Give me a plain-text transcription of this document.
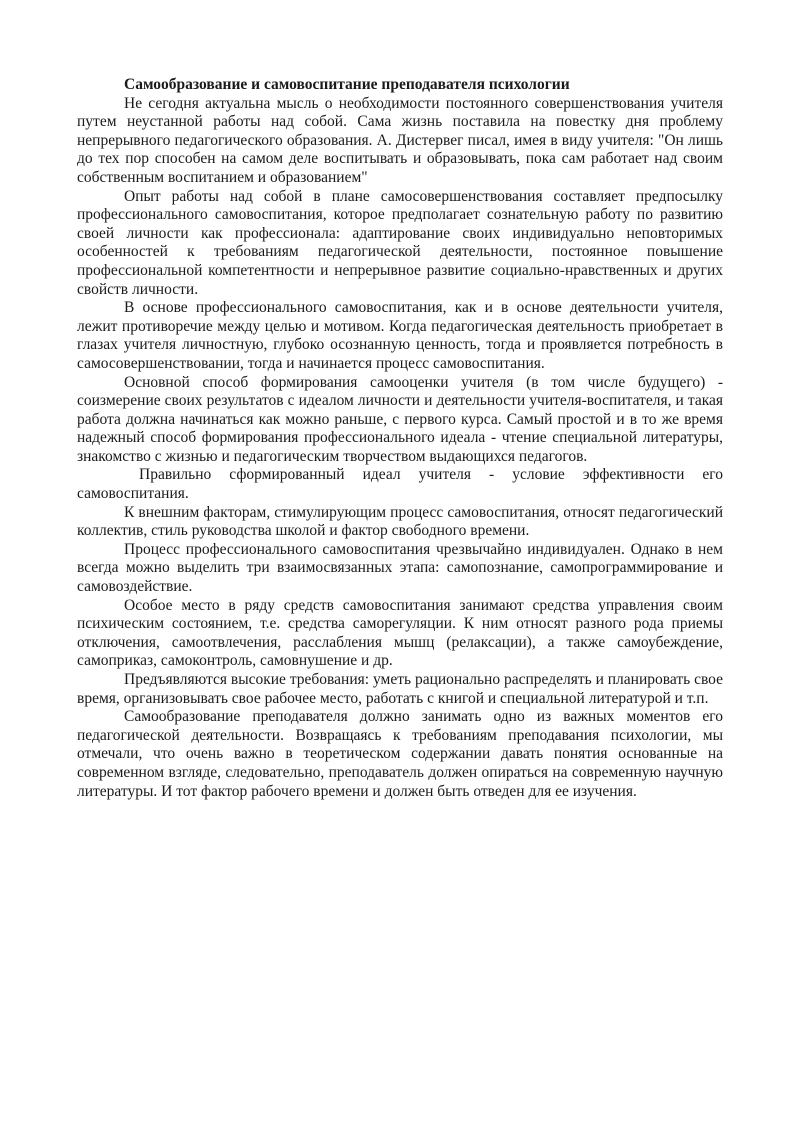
Самообразование и самовоспитание преподавателя психологии

Не сегодня актуальна мысль о необходимости постоянного совершенствования учителя путем неустанной работы над собой. Сама жизнь поставила на повестку дня проблему непрерывного педагогического образования. А. Дистервег писал, имея в виду учителя: "Он лишь до тех пор способен на самом деле воспитывать и образовывать, пока сам работает над своим собственным воспитанием и образованием"

Опыт работы над собой в плане самосовершенствования составляет предпосылку профессионального самовоспитания, которое предполагает сознательную работу по развитию своей личности как профессионала: адаптирование своих индивидуально неповторимых особенностей к требованиям педагогической деятельности, постоянное повышение профессиональной компетентности и непрерывное развитие социально-нравственных и других свойств личности.

В основе профессионального самовоспитания, как и в основе деятельности учителя, лежит противоречие между целью и мотивом. Когда педагогическая деятельность приобретает в глазах учителя личностную, глубоко осознанную ценность, тогда и проявляется потребность в самосовершенствовании, тогда и начинается процесс самовоспитания.

Основной способ формирования самооценки учителя (в том числе будущего) - соизмерение своих результатов с идеалом личности и деятельности учителя-воспитателя, и такая работа должна начинаться как можно раньше, с первого курса. Самый простой и в то же время надежный способ формирования профессионального идеала - чтение специальной литературы, знакомство с жизнью и педагогическим творчеством выдающихся педагогов.

Правильно сформированный идеал учителя - условие эффективности его самовоспитания.

К внешним факторам, стимулирующим процесс самовоспитания, относят педагогический коллектив, стиль руководства школой и фактор свободного времени.

Процесс профессионального самовоспитания чрезвычайно индивидуален. Однако в нем всегда можно выделить три взаимосвязанных этапа: самопознание, самопрограммирование и самовоздействие.

Особое место в ряду средств самовоспитания занимают средства управления своим психическим состоянием, т.е. средства саморегуляции. К ним относят разного рода приемы отключения, самоотвлечения, расслабления мышц (релаксации), а также самоубеждение, самоприказ, самоконтроль, самовнушение и др.

Предъявляются высокие требования: уметь рационально распределять и планировать свое время, организовывать свое рабочее место, работать с книгой и специальной литературой и т.п.

Самообразование преподавателя должно занимать одно из важных моментов его педагогической деятельности. Возвращаясь к требованиям преподавания психологии, мы отмечали, что очень важно в теоретическом содержании давать понятия основанные на современном взгляде, следовательно, преподаватель должен опираться на современную научную литературы. И тот фактор рабочего времени и должен быть отведен для ее изучения.
